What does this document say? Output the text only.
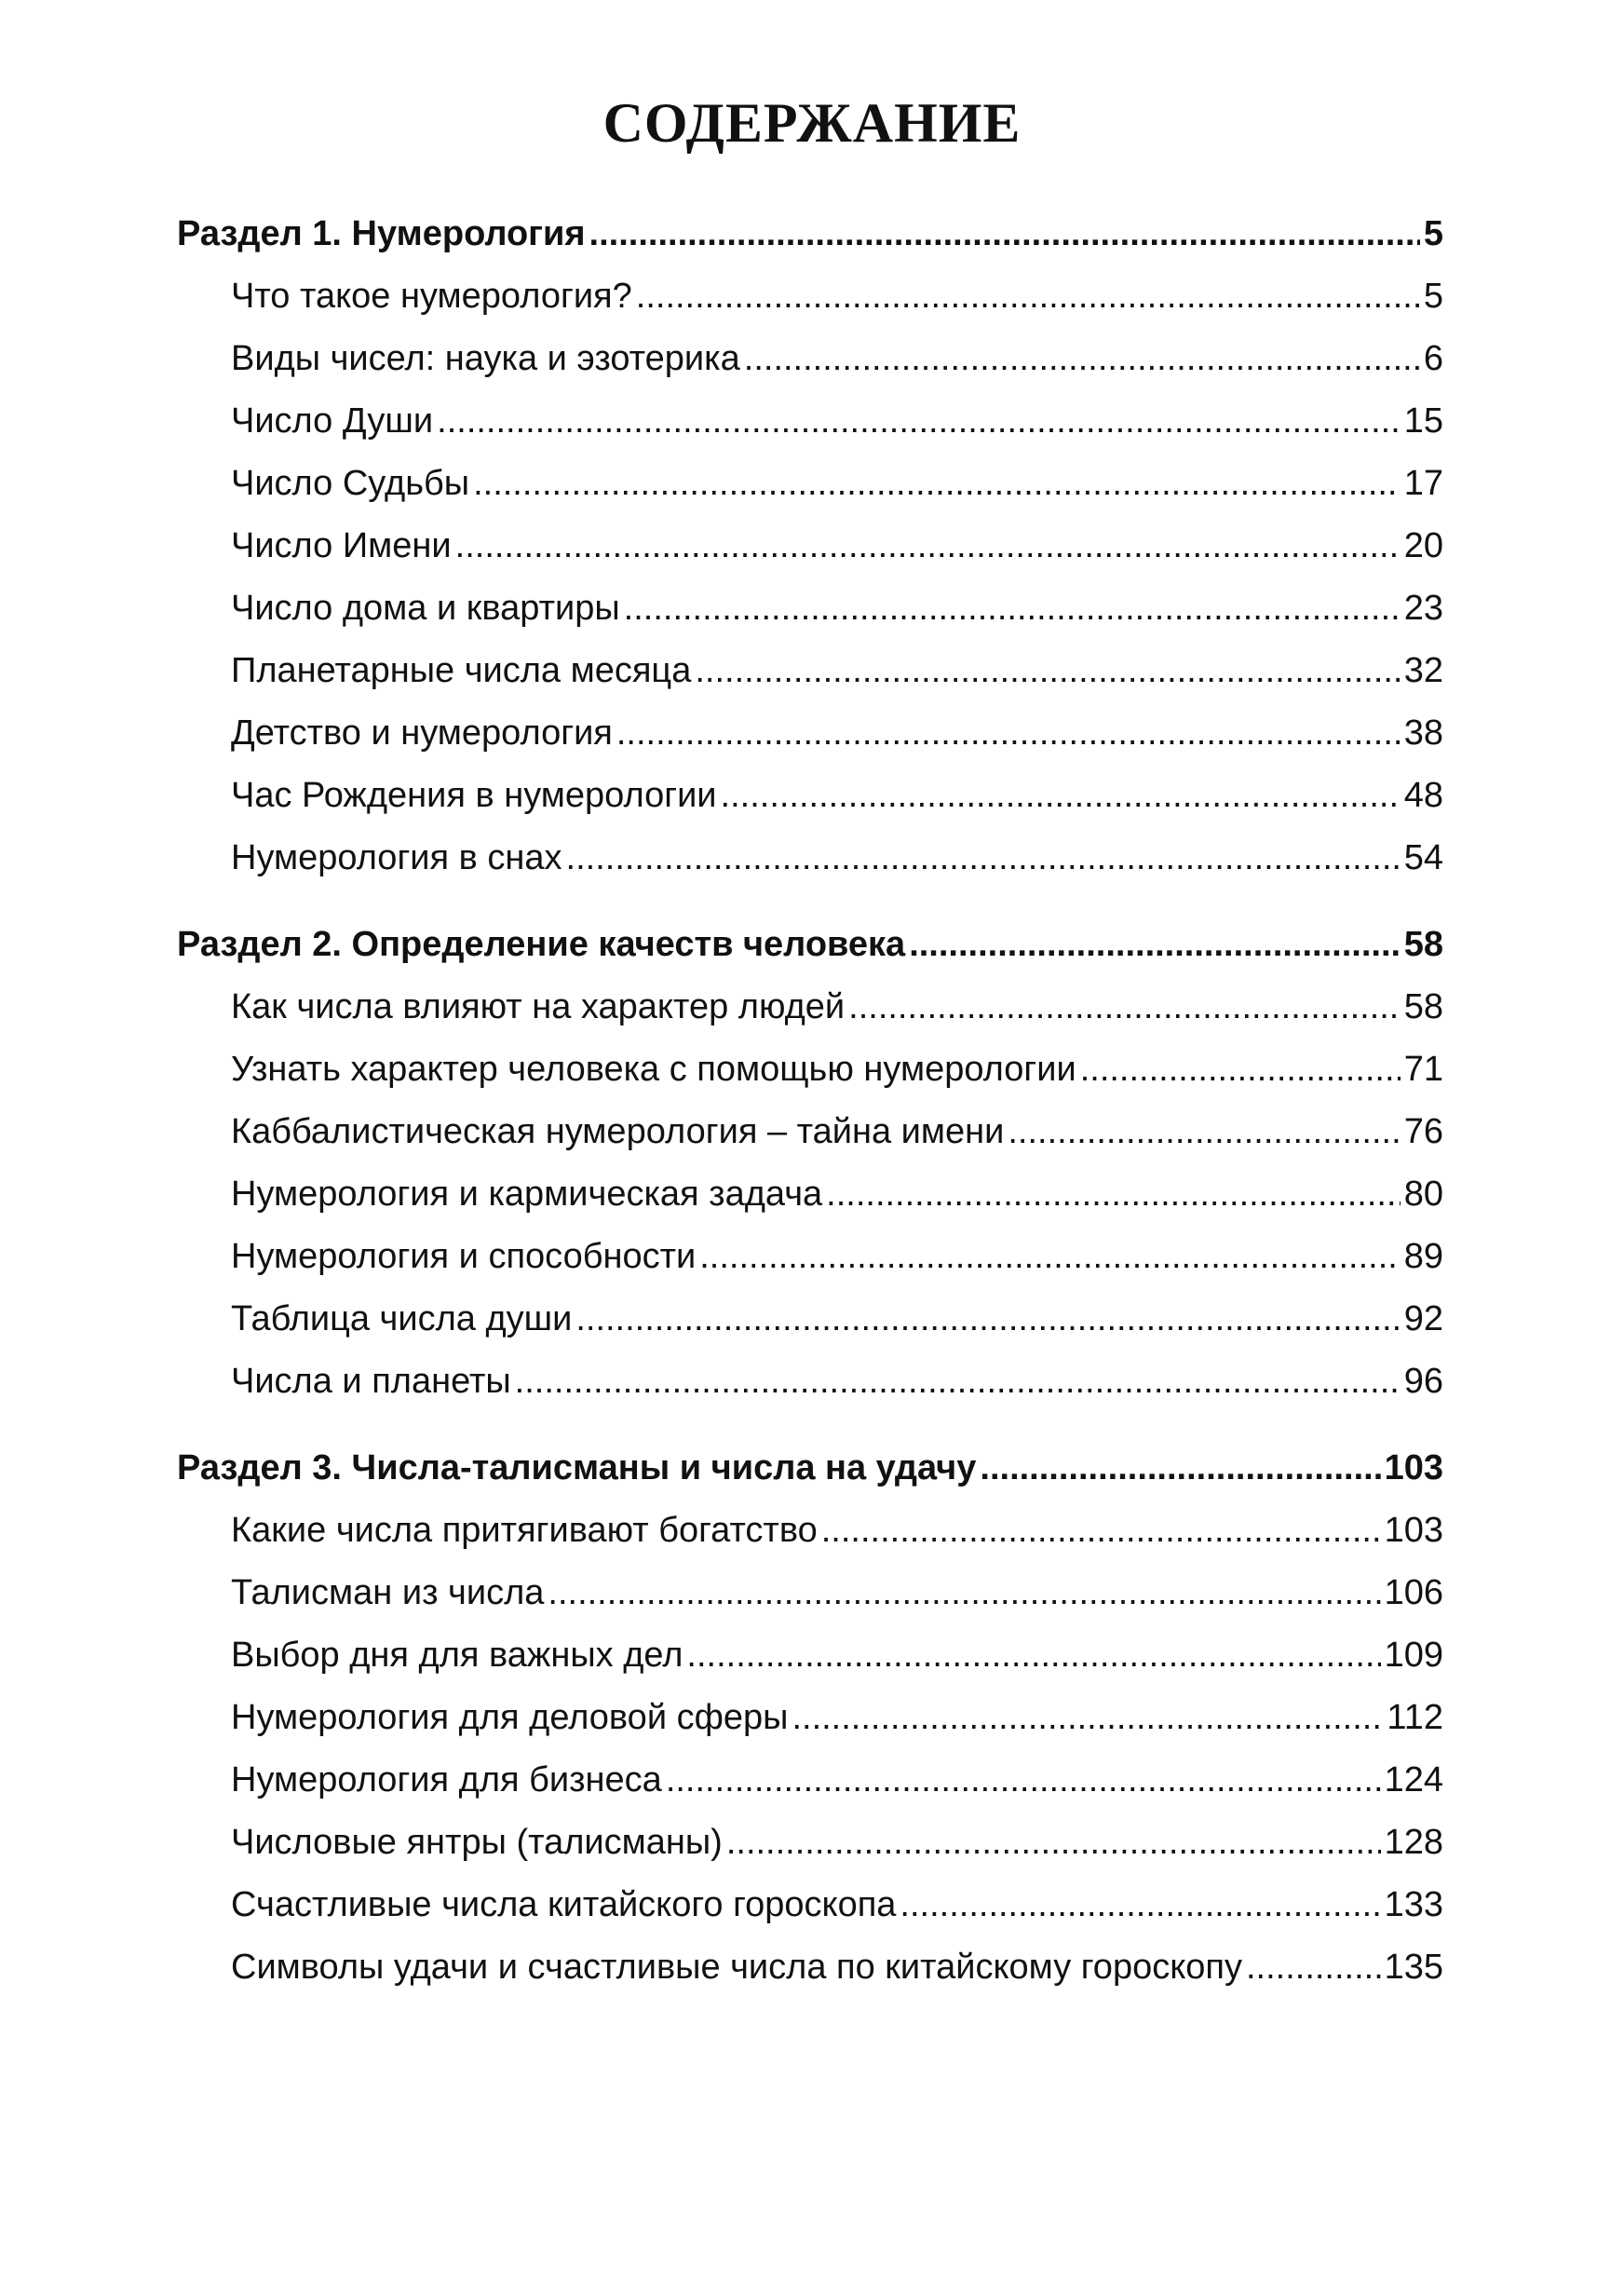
СОДЕРЖАНИЕ
Раздел 1. Нумерология .....	5
Что такое нумерология? .....	5
Виды чисел: наука и эзотерика .....	6
Число Души .....	15
Число Судьбы .....	17
Число Имени .....	20
Число дома и квартиры .....	23
Планетарные числа месяца .....	32
Детство и нумерология .....	38
Час Рождения в нумерологии .....	48
Нумерология в снах .....	54
Раздел 2. Определение качеств человека .....	58
Как числа влияют на характер людей .....	58
Узнать характер человека с помощью нумерологии .....	71
Каббалистическая нумерология – тайна имени .....	76
Нумерология и кармическая задача .....	80
Нумерология и способности .....	89
Таблица числа души .....	92
Числа и планеты .....	96
Раздел 3. Числа-талисманы и числа на удачу .....	103
Какие числа притягивают богатство .....	103
Талисман из числа .....	106
Выбор дня для важных дел .....	109
Нумерология для деловой сферы .....	112
Нумерология для бизнеса .....	124
Числовые янтры (талисманы) .....	128
Счастливые числа китайского гороскопа .....	133
Символы удачи и счастливые числа по китайскому гороскопу .....	135
